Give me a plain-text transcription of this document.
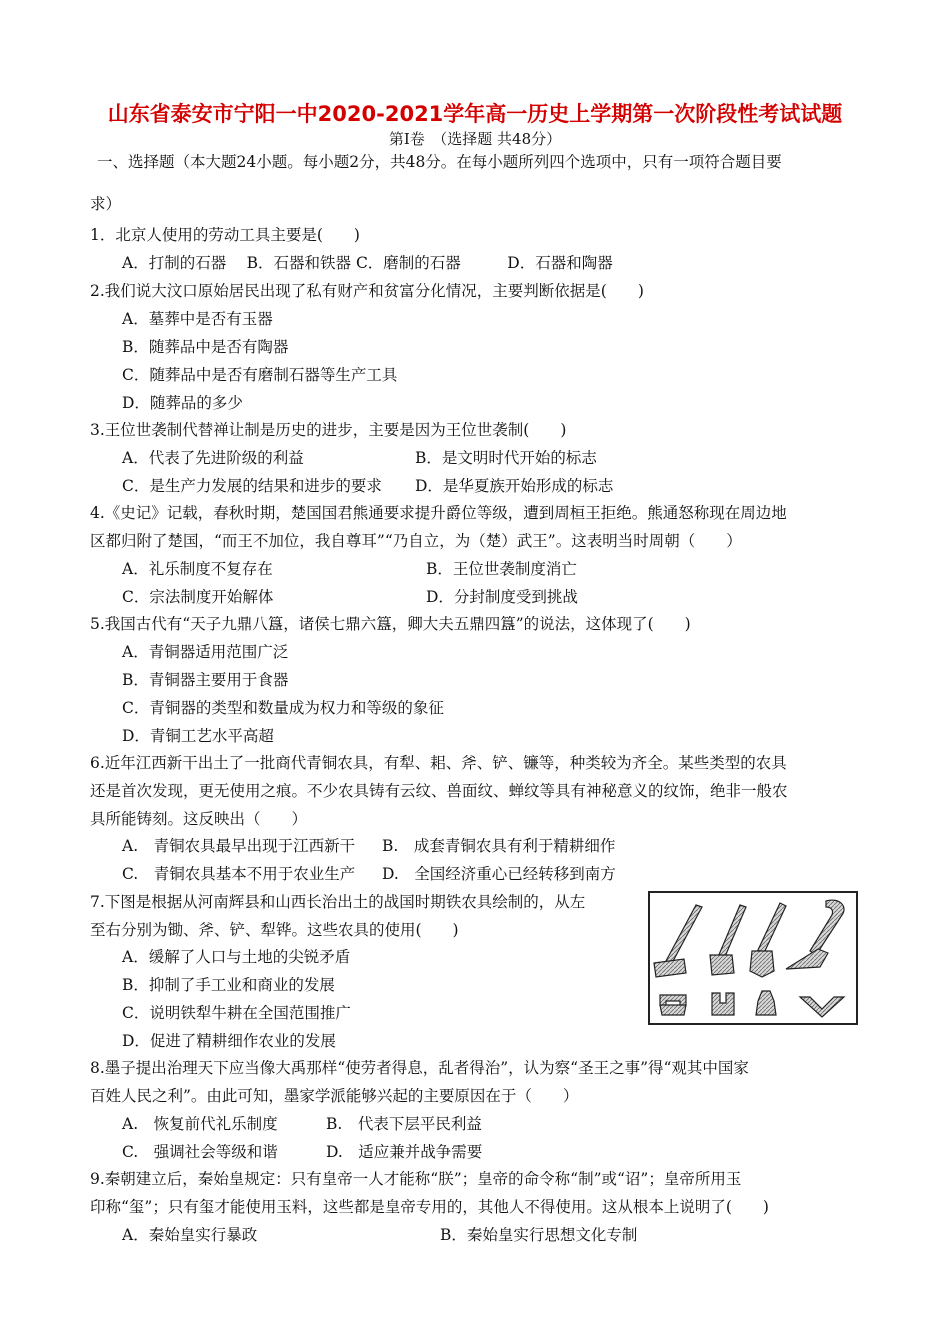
山东省泰安市宁阳一中2020-2021学年高一历史上学期第一次阶段性考试试题
第Ⅰ卷　（选择题 共48分）
一、选择题（本大题24小题。每小题2分，共48分。在每小题所列四个选项中，只有一项符合题目要
求）
1．北京人使用的劳动工具主要是(　　)
A．打制的石器　 B．石器和铁器 C．磨制的石器　　　D．石器和陶器
2.我们说大汶口原始居民出现了私有财产和贫富分化情况，主要判断依据是(　　)
A．墓葬中是否有玉器
B．随葬品中是否有陶器
C．随葬品中是否有磨制石器等生产工具
D．随葬品的多少
3.王位世袭制代替禅让制是历史的进步，主要是因为王位世袭制(　　)
A．代表了先进阶级的利益	B．是文明时代开始的标志
C．是生产力发展的结果和进步的要求 D．是华夏族开始形成的标志
4.《史记》记载，春秋时期，楚国国君熊通要求提升爵位等级，遭到周桓王拒绝。熊通怒称现在周边地
区都归附了楚国，“而王不加位，我自尊耳”“乃自立，为（楚）武王”。这表明当时周朝（　　）
A．礼乐制度不复存在	B．王位世袭制度消亡
C．宗法制度开始解体	D．分封制度受到挑战
5.我国古代有“天子九鼎八簋，诸侯七鼎六簋，卿大夫五鼎四簋”的说法，这体现了(　　)
A．青铜器适用范围广泛
B．青铜器主要用于食器
C．青铜器的类型和数量成为权力和等级的象征
D．青铜工艺水平高超
6.近年江西新干出土了一批商代青铜农具，有犁、耜、斧、铲、镰等，种类较为齐全。某些类型的农具
还是首次发现，更无使用之痕。不少农具铸有云纹、兽面纹、蝉纹等具有神秘意义的纹饰，绝非一般农
具所能铸刻。这反映出（　　）
A.　青铜农具最早出现于江西新干 B.　成套青铜农具有利于精耕细作
C.　青铜农具基本不用于农业生产 D.　全国经济重心已经转移到南方
7.下图是根据从河南辉县和山西长治出土的战国时期铁农具绘制的，从左
至右分别为锄、斧、铲、犁铧。这些农具的使用(　　)
A．缓解了人口与土地的尖锐矛盾
B．抑制了手工业和商业的发展
C．说明铁犁牛耕在全国范围推广
D．促进了精耕细作农业的发展
8.墨子提出治理天下应当像大禹那样“使劳者得息，乱者得治”，认为察“圣王之事”得“观其中国家
百姓人民之利”。由此可知，墨家学派能够兴起的主要原因在于（　　）
A.　恢复前代礼乐制度	B.　代表下层平民利益
C.　强调社会等级和谐	D.　适应兼并战争需要
9.秦朝建立后，秦始皇规定：只有皇帝一人才能称“朕”；皇帝的命令称“制”或“诏”；皇帝所用玉
印称“玺”；只有玺才能使用玉料，这些都是皇帝专用的，其他人不得使用。这从根本上说明了(　　)
A．秦始皇实行暴政	B．秦始皇实行思想文化专制
